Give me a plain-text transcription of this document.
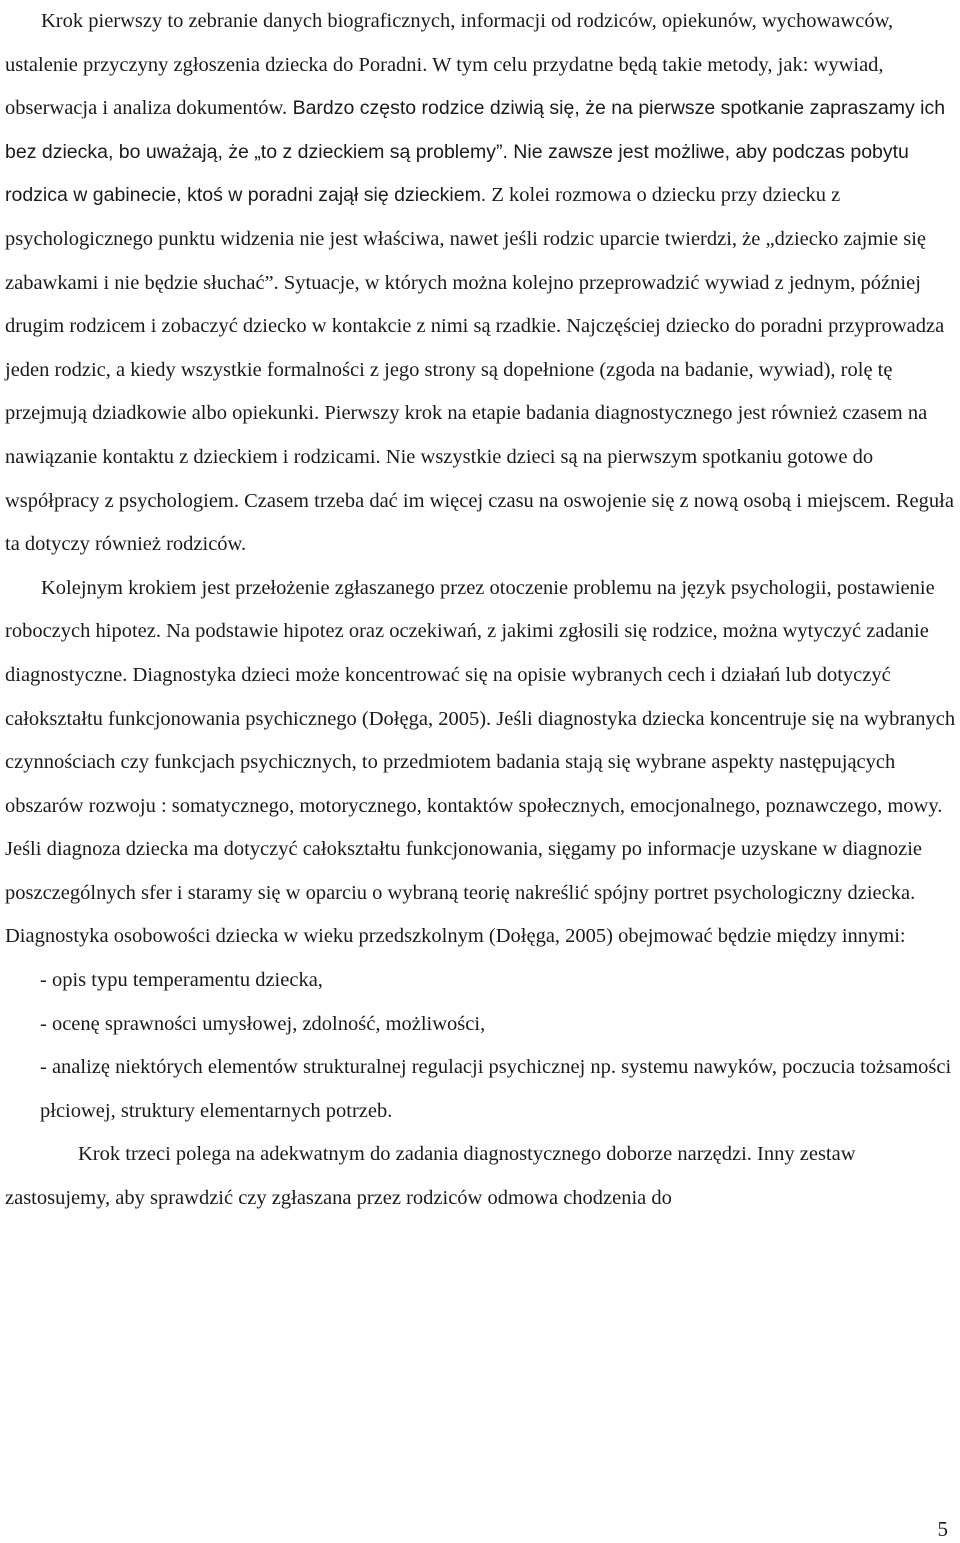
Krok pierwszy to zebranie danych biograficznych, informacji od rodziców, opiekunów, wychowawców, ustalenie przyczyny zgłoszenia dziecka do Poradni. W tym celu przydatne będą takie metody, jak: wywiad, obserwacja i analiza dokumentów. Bardzo często rodzice dziwią się, że na pierwsze spotkanie zapraszamy ich bez dziecka, bo uważają, że „to z dzieckiem są problemy”. Nie zawsze jest możliwe, aby podczas pobytu rodzica w gabinecie, ktoś w poradni zajął się dzieckiem. Z kolei rozmowa o dziecku przy dziecku z psychologicznego punktu widzenia nie jest właściwa, nawet jeśli rodzic uparcie twierdzi, że „dziecko zajmie się zabawkami i nie będzie słuchać”. Sytuacje, w których można kolejno przeprowadzić wywiad z jednym, później drugim rodzicem i zobaczyć dziecko w kontakcie z nimi są rzadkie. Najczęściej dziecko do poradni przyprowadza jeden rodzic, a kiedy wszystkie formalności z jego strony są dopełnione (zgoda na badanie, wywiad), rolę tę przejmują dziadkowie albo opiekunki. Pierwszy krok na etapie badania diagnostycznego jest również czasem na nawiązanie kontaktu z dzieckiem i rodzicami. Nie wszystkie dzieci są na pierwszym spotkaniu gotowe do współpracy z psychologiem. Czasem trzeba dać im więcej czasu na oswojenie się z nową osobą i miejscem. Reguła ta dotyczy również rodziców.

Kolejnym krokiem jest przełożenie zgłaszanego przez otoczenie problemu na język psychologii, postawienie roboczych hipotez. Na podstawie hipotez oraz oczekiwań, z jakimi zgłosili się rodzice, można wytyczyć zadanie diagnostyczne. Diagnostyka dzieci może koncentrować się na opisie wybranych cech i działań lub dotyczyć całokształtu funkcjonowania psychicznego (Dołęga, 2005). Jeśli diagnostyka dziecka koncentruje się na wybranych czynnościach czy funkcjach psychicznych, to przedmiotem badania stają się wybrane aspekty następujących obszarów rozwoju : somatycznego, motorycznego, kontaktów społecznych, emocjonalnego, poznawczego, mowy. Jeśli diagnoza dziecka ma dotyczyć całokształtu funkcjonowania, sięgamy po informacje uzyskane w diagnozie poszczególnych sfer i staramy się w oparciu o wybraną teorię nakreślić spójny portret psychologiczny dziecka. Diagnostyka osobowości dziecka w wieku przedszkolnym (Dołęga, 2005) obejmować będzie między innymi:

- opis typu temperamentu dziecka,

- ocenę sprawności umysłowej, zdolność, możliwości,

- analizę niektórych elementów strukturalnej regulacji psychicznej np. systemu nawyków, poczucia tożsamości płciowej, struktury elementarnych potrzeb.

Krok trzeci polega na adekwatnym do zadania diagnostycznego doborze narzędzi. Inny zestaw zastosujemy, aby sprawdzić czy zgłaszana przez rodziców odmowa chodzenia do

5
